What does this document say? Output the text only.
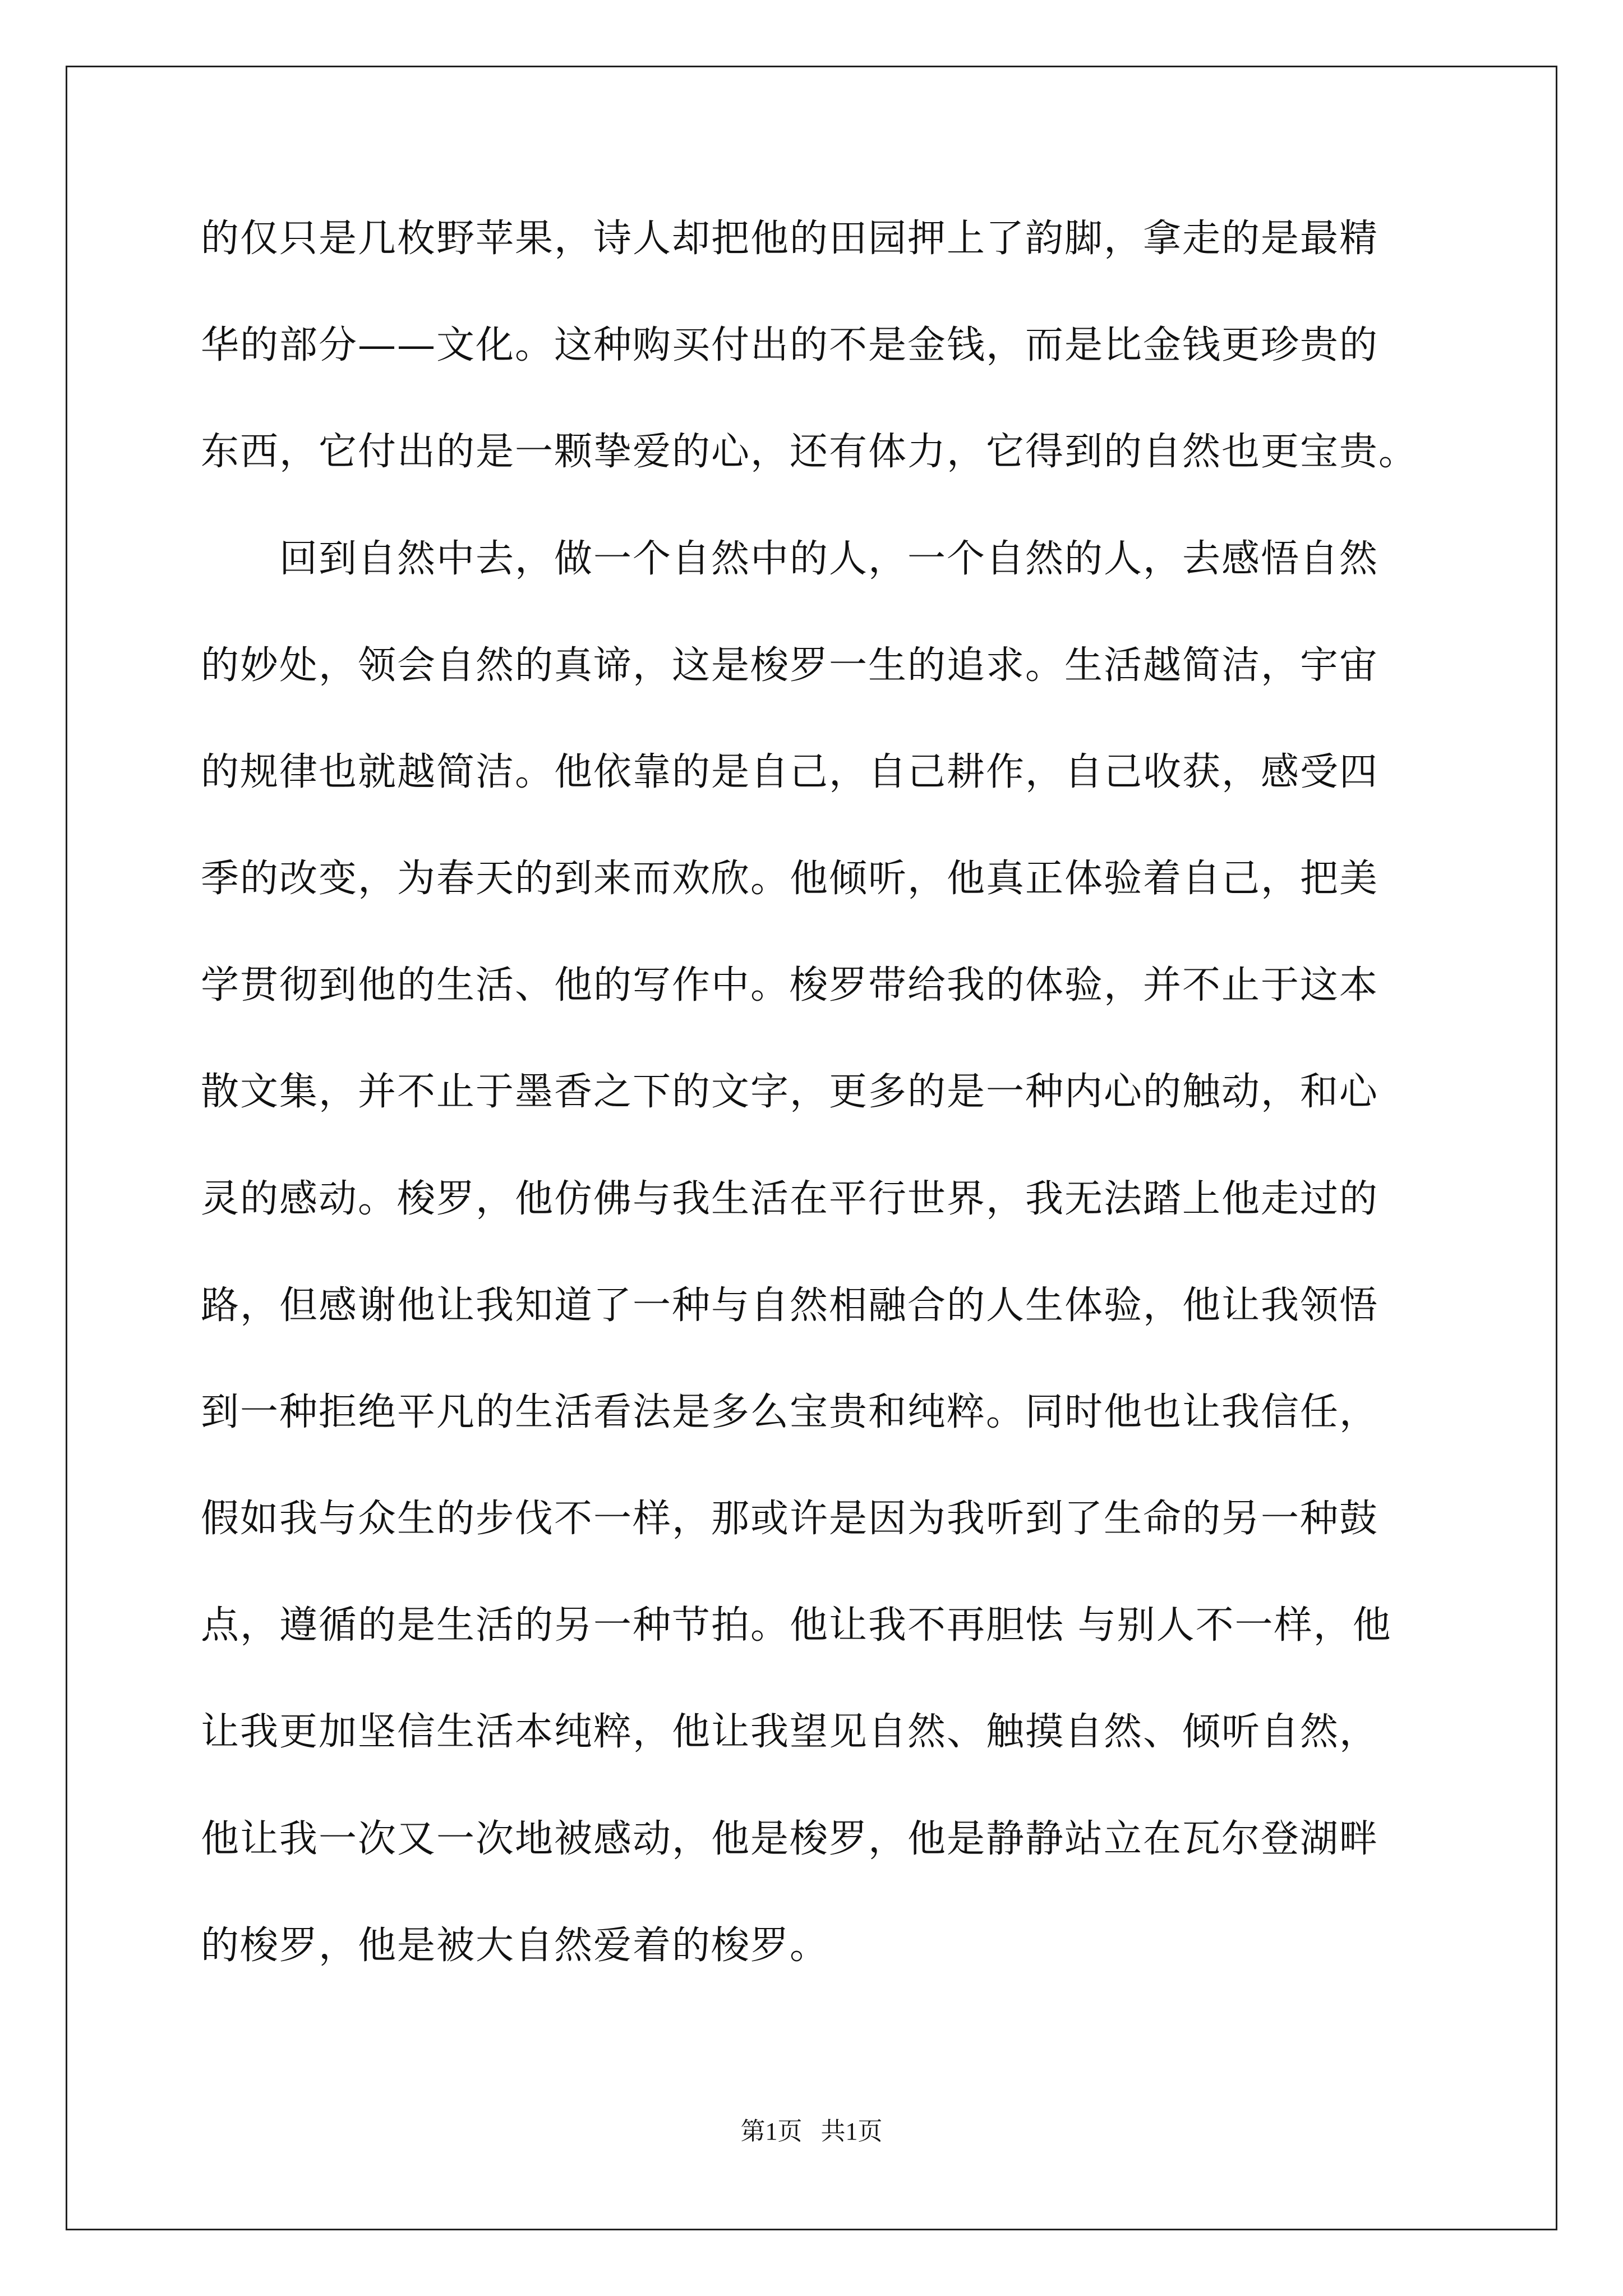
的仅只是几枚野苹果，诗人却把他的田园押上了韵脚，拿走的是最精
华的部分——文化。这种购买付出的不是金钱，而是比金钱更珍贵的
东西，它付出的是一颗挚爱的心，还有体力，它得到的自然也更宝贵。
　　回到自然中去，做一个自然中的人，一个自然的人，去感悟自然
的妙处，领会自然的真谛，这是梭罗一生的追求。生活越简洁，宇宙
的规律也就越简洁。他依靠的是自己，自己耕作，自己收获，感受四
季的改变，为春天的到来而欢欣。他倾听，他真正体验着自己，把美
学贯彻到他的生活、他的写作中。梭罗带给我的体验，并不止于这本
散文集，并不止于墨香之下的文字，更多的是一种内心的触动，和心
灵的感动。梭罗，他仿佛与我生活在平行世界，我无法踏上他走过的
路，但感谢他让我知道了一种与自然相融合的人生体验，他让我领悟
到一种拒绝平凡的生活看法是多么宝贵和纯粹。同时他也让我信任，
假如我与众生的步伐不一样，那或许是因为我听到了生命的另一种鼓
点，遵循的是生活的另一种节拍。他让我不再胆怯 与别人不一样，他
让我更加坚信生活本纯粹，他让我望见自然、触摸自然、倾听自然，
他让我一次又一次地被感动，他是梭罗，他是静静站立在瓦尔登湖畔
的梭罗，他是被大自然爱着的梭罗。
第1页   共1页
